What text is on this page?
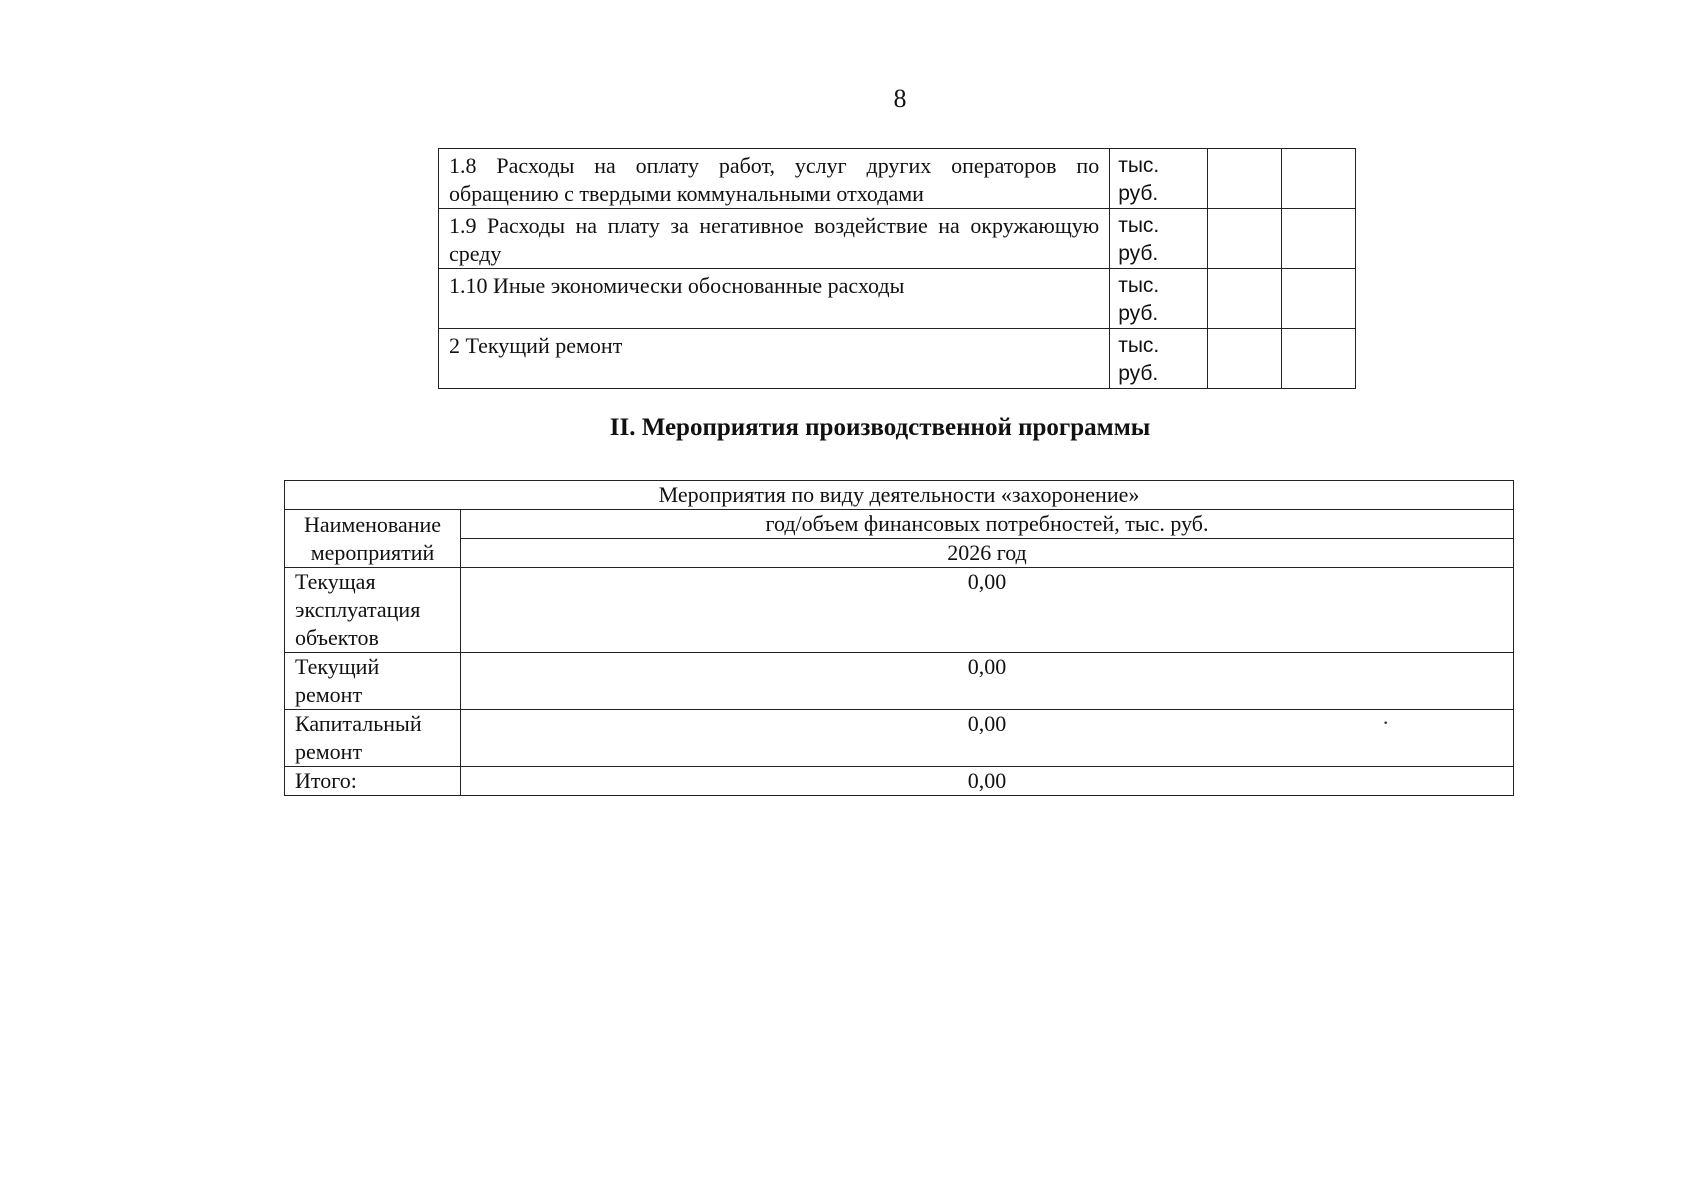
8
1.8 Расходы на оплату работ, услуг других операторов по обращению с твердыми коммунальными отходами	тыс.
руб.		
1.9 Расходы на плату за негативное воздействие на окружающую среду	тыс.
руб.		
1.10 Иные экономически обоснованные расходы	тыс.
руб.		
2 Текущий ремонт	тыс.
руб.		
II. Мероприятия производственной программы
Мероприятия по виду деятельности «захоронение»	
Наименование мероприятий	год/объем финансовых потребностей, тыс. руб.
	2026 год
Текущая эксплуатация объектов	0,00
Текущий ремонт	0,00
Капитальный ремонт	0,00
Итого:	0,00
·
